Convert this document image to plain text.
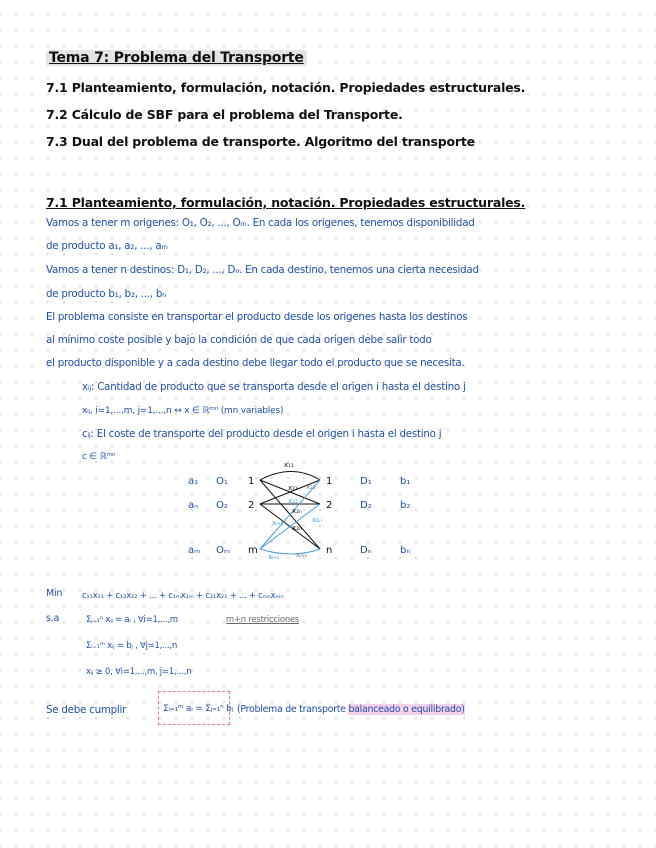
Tema 7: Problema del Transporte
7.1 Planteamiento, formulación, notación. Propiedades estructurales.
7.2 Cálculo de SBF para el problema del Transporte.
7.3 Dual del problema de transporte. Algoritmo del transporte
7.1 Planteamiento, formulación, notación. Propiedades estructurales.
Vamos a tener m origenes: O₁, O₂, ..., Oₘ. En cada los origenes, tenemos disponibilidad
de producto a₁, a₂, ..., aₘ
Vamos a tener n destinos: D₁, D₂, ..., Dₙ. En cada destino, tenemos una cierta necesidad
de producto b₁, b₂, ..., bₙ
El problema consiste en transportar el producto desde los origenes hasta los destinos
al mínimo coste posible y bajo la condición de que cada origen debe salir todo
el producto disponible y a cada destino debe llegar todo el producto que se necesita.
xᵢⱼ: Cantidad de producto que se transporta desde el origen i hasta el destino j
xᵢⱼ, i=1,...,m, j=1,...,n ↔ x ∈ ℝᵐⁿ (mn variables)
cᵢⱼ: El coste de transporte del producto desde el origen i hasta el destino j
c ∈ ℝᵐⁿ
a₁
aₙ
aₘ
O₁
O₂
Oₘ
1
2
m
x₁₁
x₁₂ x₂₁
x₂₂
x₁ₙ
x₂ₙ
x₂ₙ
xₘ₁
xₘₙ xₘₙ
1
2
n
D₁
D₂
Dₙ
b₁
b₂
bₙ
Min c₁₁x₁₁ + c₁₂x₁₂ + ... + c₁ₘx₁ₘ + c₂₁x₂₁ + ... + cₘₙxₘₙ
s.a	Σⱼ₌₁ⁿ xᵢⱼ = aᵢ , ∀i=1,...,m	m+n restricciones
Σᵢ₌₁ᵐ xᵢⱼ = bⱼ , ∀j=1,...,n
xᵢⱼ ≥ 0, ∀i=1,...,m, j=1,...,n
Se debe cumplir	Σᵢ₌₁ᵐ aᵢ = Σⱼ₌₁ⁿ bⱼ (Problema de transporte balanceado o equilibrado)
